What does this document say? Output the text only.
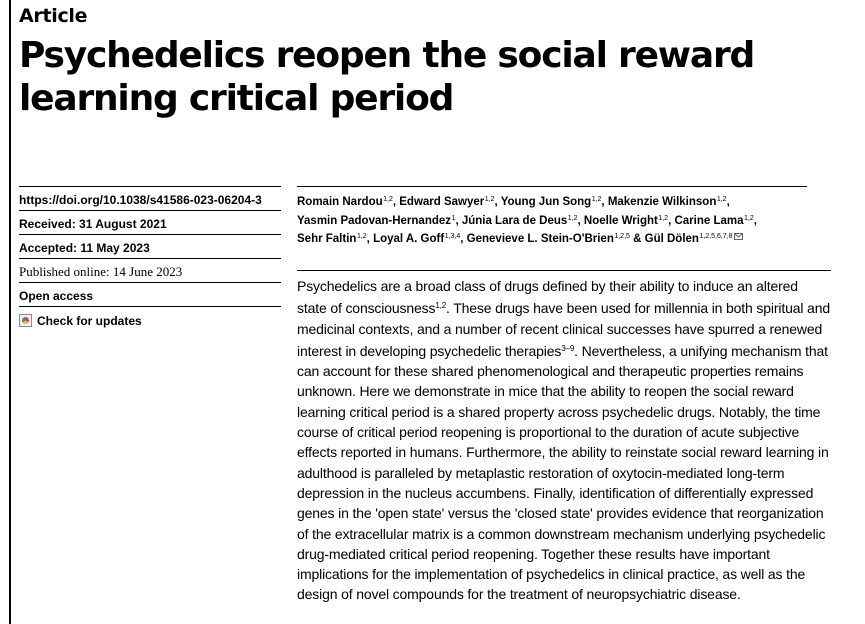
Article
Psychedelics reopen the social reward learning critical period
https://doi.org/10.1038/s41586-023-06204-3
Received: 31 August 2021
Accepted: 11 May 2023
Published online: 14 June 2023
Open access
Check for updates
Romain Nardou$^{1,2}$, Edward Sawyer$^{1,2}$, Young Jun Song$^{1,2}$, Makenzie Wilkinson$^{1,2}$,
Yasmin Padovan-Hernandez$^1$, Júnia Lara de Deus$^{1,2}$, Noelle Wright$^{1,2}$, Carine Lama$^{1,2}$,
Sehr Faltin$^{1,2}$, Loyal A. Goff$^{1,3,4}$, Genevieve L. Stein-O'Brien$^{1,2,5}$ & Gül Dölen$^{1,2,5,6,7,8}$

Psychedelics are a broad class of drugs defined by their ability to induce an altered state of consciousness$^{1,2}$. These drugs have been used for millennia in both spiritual and medicinal contexts, and a number of recent clinical successes have spurred a renewed interest in developing psychedelic therapies$^{3-9}$. Nevertheless, a unifying mechanism that can account for these shared phenomenological and therapeutic properties remains unknown. Here we demonstrate in mice that the ability to reopen the social reward learning critical period is a shared property across psychedelic drugs. Notably, the time course of critical period reopening is proportional to the duration of acute subjective effects reported in humans. Furthermore, the ability to reinstate social reward learning in adulthood is paralleled by metaplastic restoration of oxytocin-mediated long-term depression in the nucleus accumbens. Finally, identification of differentially expressed genes in the 'open state' versus the 'closed state' provides evidence that reorganization of the extracellular matrix is a common downstream mechanism underlying psychedelic drug-mediated critical period reopening. Together these results have important implications for the implementation of psychedelics in clinical practice, as well as the design of novel compounds for the treatment of neuropsychiatric disease.
